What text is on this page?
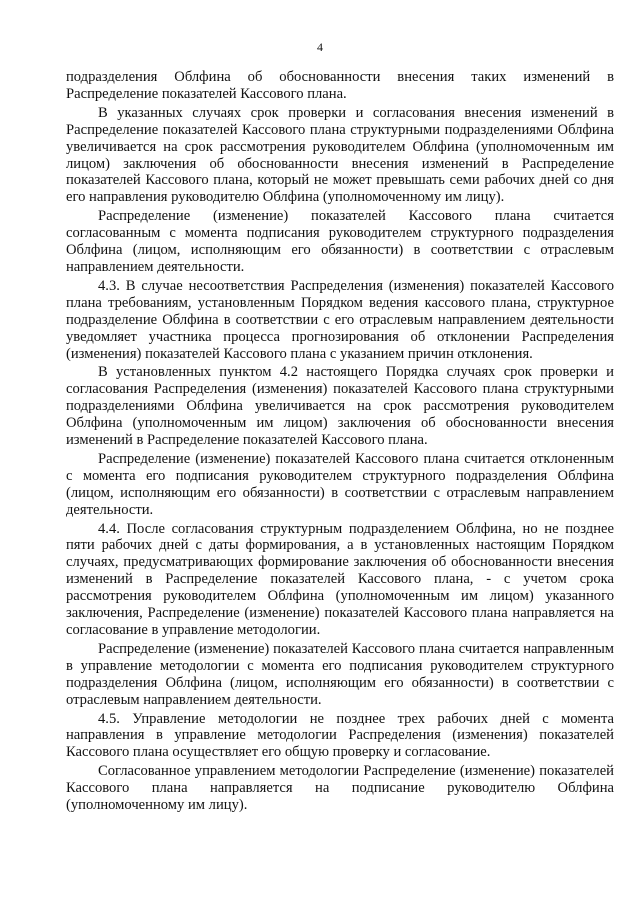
4

подразделения Облфина об обоснованности внесения таких изменений в Распределение показателей Кассового плана.

В указанных случаях срок проверки и согласования внесения изменений в Распределение показателей Кассового плана структурными подразделениями Облфина увеличивается на срок рассмотрения руководителем Облфина (уполномоченным им лицом) заключения об обоснованности внесения изменений в Распределение показателей Кассового плана, который не может превышать семи рабочих дней со дня его направления руководителю Облфина (уполномоченному им лицу).

Распределение (изменение) показателей Кассового плана считается согласованным с момента подписания руководителем структурного подразделения Облфина (лицом, исполняющим его обязанности) в соответствии с отраслевым направлением деятельности.

4.3. В случае несоответствия Распределения (изменения) показателей Кассового плана требованиям, установленным Порядком ведения кассового плана, структурное подразделение Облфина в соответствии с его отраслевым направлением деятельности уведомляет участника процесса прогнозирования об отклонении Распределения (изменения) показателей Кассового плана с указанием причин отклонения.

В установленных пунктом 4.2 настоящего Порядка случаях срок проверки и согласования Распределения (изменения) показателей Кассового плана структурными подразделениями Облфина увеличивается на срок рассмотрения руководителем Облфина (уполномоченным им лицом) заключения об обоснованности внесения изменений в Распределение показателей Кассового плана.

Распределение (изменение) показателей Кассового плана считается отклоненным с момента его подписания руководителем структурного подразделения Облфина (лицом, исполняющим его обязанности) в соответствии с отраслевым направлением деятельности.

4.4. После согласования структурным подразделением Облфина, но не позднее пяти рабочих дней с даты формирования, а в установленных настоящим Порядком случаях, предусматривающих формирование заключения об обоснованности внесения изменений в Распределение показателей Кассового плана, - с учетом срока рассмотрения руководителем Облфина (уполномоченным им лицом) указанного заключения, Распределение (изменение) показателей Кассового плана направляется на согласование в управление методологии.

Распределение (изменение) показателей Кассового плана считается направленным в управление методологии с момента его подписания руководителем структурного подразделения Облфина (лицом, исполняющим его обязанности) в соответствии с отраслевым направлением деятельности.

4.5. Управление методологии не позднее трех рабочих дней с момента направления в управление методологии Распределения (изменения) показателей Кассового плана осуществляет его общую проверку и согласование.

Согласованное управлением методологии Распределение (изменение) показателей Кассового плана направляется на подписание руководителю Облфина (уполномоченному им лицу).
